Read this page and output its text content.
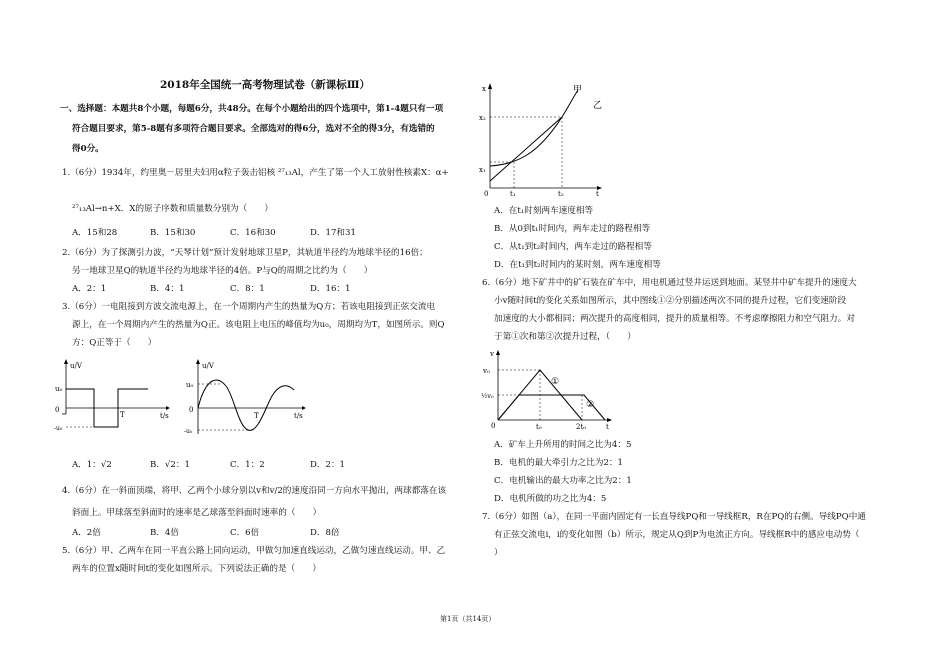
2018年全国统一高考物理试卷（新课标Ⅲ）
一、选择题：本题共8个小题，每题6分，共48分。在每个小题给出的四个选项中，第1-4题只有一项
符合题目要求，第5-8题有多项符合题目要求。全部选对的得6分，选对不全的得3分，有选错的
得0分。
1.（6分）1934年，约里奥－居里夫妇用α粒子轰击铝核 ²⁷₁₃Al，产生了第一个人工放射性核素X：α+
²⁷₁₃Al→n+X．X的原子序数和质量数分别为（　　）
A．15和28	B．15和30	C．16和30	D．17和31
2.（6分）为了探测引力波，“天琴计划”预计发射地球卫星P，其轨道半径约为地球半径的16倍；
另一地球卫星Q的轨道半径约为地球半径的4倍。P与Q的周期之比约为（　　）
A．2：1	B．4：1	C．8：1	D．16：1
3.（6分）一电阻接到方波交流电源上，在一个周期内产生的热量为Q方；若该电阻接到正弦交流电
源上，在一个周期内产生的热量为Q正。该电阻上电压的峰值均为u₀，周期均为T，如图所示。则Q
方：Q正等于（　　）
u/V
u₀
0
-u₀
T	t/s
u/V
u₀
0
-u₀
T	t/s
A．1：√2	B．√2：1	C．1：2	D．2：1
4.（6分）在一斜面顶端，将甲、乙两个小球分别以v和v/2的速度沿同一方向水平抛出，两球都落在该
斜面上。甲球落至斜面时的速率是乙球落至斜面时速率的（　　）
A．2倍	B．4倍	C．6倍	D．8倍
5.（6分）甲、乙两车在同一平直公路上同向运动，甲做匀加速直线运动，乙做匀速直线运动。甲、乙
两车的位置x随时间t的变化如图所示。下列说法正确的是（　　）
x	甲
乙
x₂
x₁
0	t₁	t₂	t
A．在t₁时刻两车速度相等
B．从0到t₁时间内，两车走过的路程相等
C．从t₁到t₂时间内，两车走过的路程相等
D．在t₁到t₂时间内的某时刻，两车速度相等
6.（6分）地下矿井中的矿石装在矿车中，用电机通过竖井运送到地面。某竖井中矿车提升的速度大
小v随时间t的变化关系如图所示，其中图线①②分别描述两次不同的提升过程，它们变速阶段
加速度的大小都相同；两次提升的高度相同，提升的质量相等。不考虑摩擦阻力和空气阻力。对
于第①次和第②次提升过程，（　　）
v
v₀
½v₀
0	t₀	2t₀	t
①
②
A．矿车上升所用的时间之比为4：5
B．电机的最大牵引力之比为2：1
C．电机输出的最大功率之比为2：1
D．电机所做的功之比为4：5
7.（6分）如图（a），在同一平面内固定有一长直导线PQ和一导线框R，R在PQ的右侧。导线PQ中通
有正弦交流电i，i的变化如图（b）所示，规定从Q到P为电流正方向。导线框R中的感应电动势（
）
第1页（共14页）
